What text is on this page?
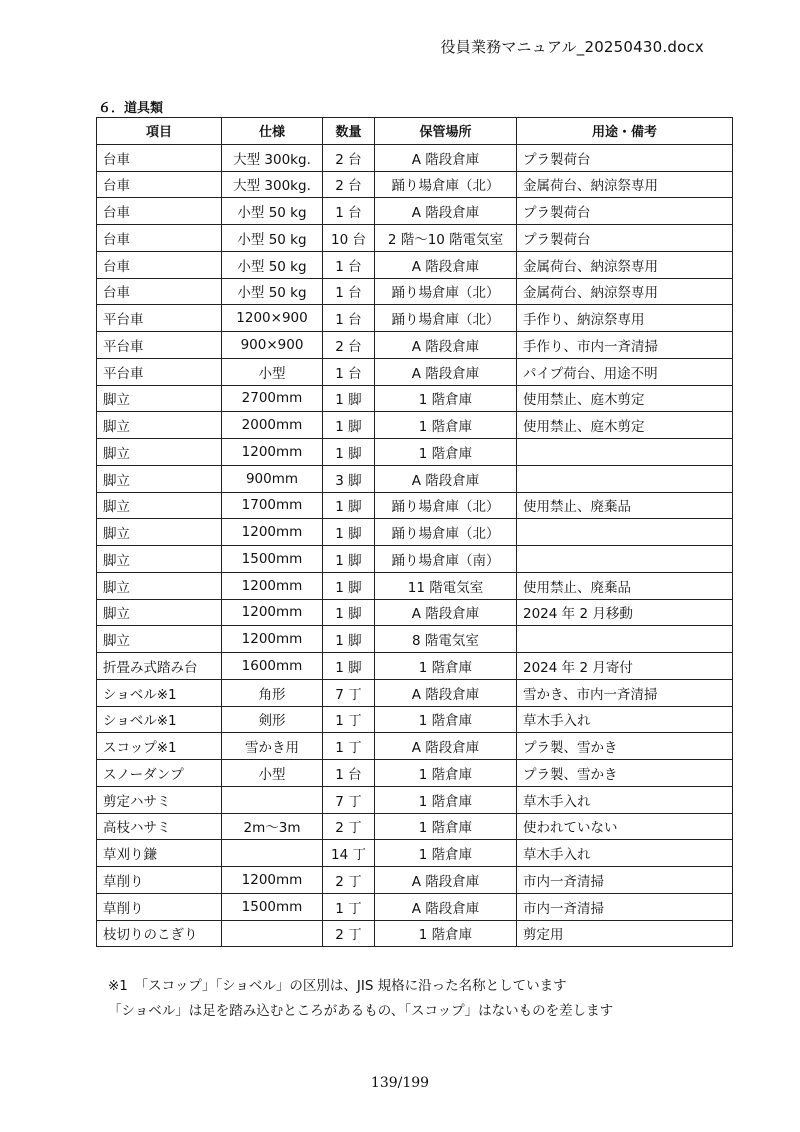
役員業務マニュアル_20250430.docx
６．道具類
項目	仕様	数量	保管場所	用途・備考
台車	大型 300kg.	2 台	A 階段倉庫	プラ製荷台
台車	大型 300kg.	2 台	踊り場倉庫（北）	金属荷台、納涼祭専用
台車	小型 50 kg	1 台	A 階段倉庫	プラ製荷台
台車	小型 50 kg	10 台	2 階～10 階電気室	プラ製荷台
台車	小型 50 kg	1 台	A 階段倉庫	金属荷台、納涼祭専用
台車	小型 50 kg	1 台	踊り場倉庫（北）	金属荷台、納涼祭専用
平台車	1200×900	1 台	踊り場倉庫（北）	手作り、納涼祭専用
平台車	900×900	2 台	A 階段倉庫	手作り、市内一斉清掃
平台車	小型	1 台	A 階段倉庫	パイプ荷台、用途不明
脚立	2700mm	1 脚	1 階倉庫	使用禁止、庭木剪定
脚立	2000mm	1 脚	1 階倉庫	使用禁止、庭木剪定
脚立	1200mm	1 脚	1 階倉庫	
脚立	900mm	3 脚	A 階段倉庫	
脚立	1700mm	1 脚	踊り場倉庫（北）	使用禁止、廃棄品
脚立	1200mm	1 脚	踊り場倉庫（北）	
脚立	1500mm	1 脚	踊り場倉庫（南）	
脚立	1200mm	1 脚	11 階電気室	使用禁止、廃棄品
脚立	1200mm	1 脚	A 階段倉庫	2024 年 2 月移動
脚立	1200mm	1 脚	8 階電気室	
折畳み式踏み台	1600mm	1 脚	1 階倉庫	2024 年 2 月寄付
ショベル※1	角形	7 丁	A 階段倉庫	雪かき、市内一斉清掃
ショベル※1	剣形	1 丁	1 階倉庫	草木手入れ
スコップ※1	雪かき用	1 丁	A 階段倉庫	プラ製、雪かき
スノーダンプ	小型	1 台	1 階倉庫	プラ製、雪かき
剪定ハサミ		7 丁	1 階倉庫	草木手入れ
高枝ハサミ	2m～3m	2 丁	1 階倉庫	使われていない
草刈り鎌		14 丁	1 階倉庫	草木手入れ
草削り	1200mm	2 丁	A 階段倉庫	市内一斉清掃
草削り	1500mm	1 丁	A 階段倉庫	市内一斉清掃
枝切りのこぎり		2 丁	1 階倉庫	剪定用
※1　「スコップ」「ショベル」の区別は、JIS 規格に沿った名称としています
「ショベル」は足を踏み込むところがあるもの、「スコップ」はないものを差します
139/199
